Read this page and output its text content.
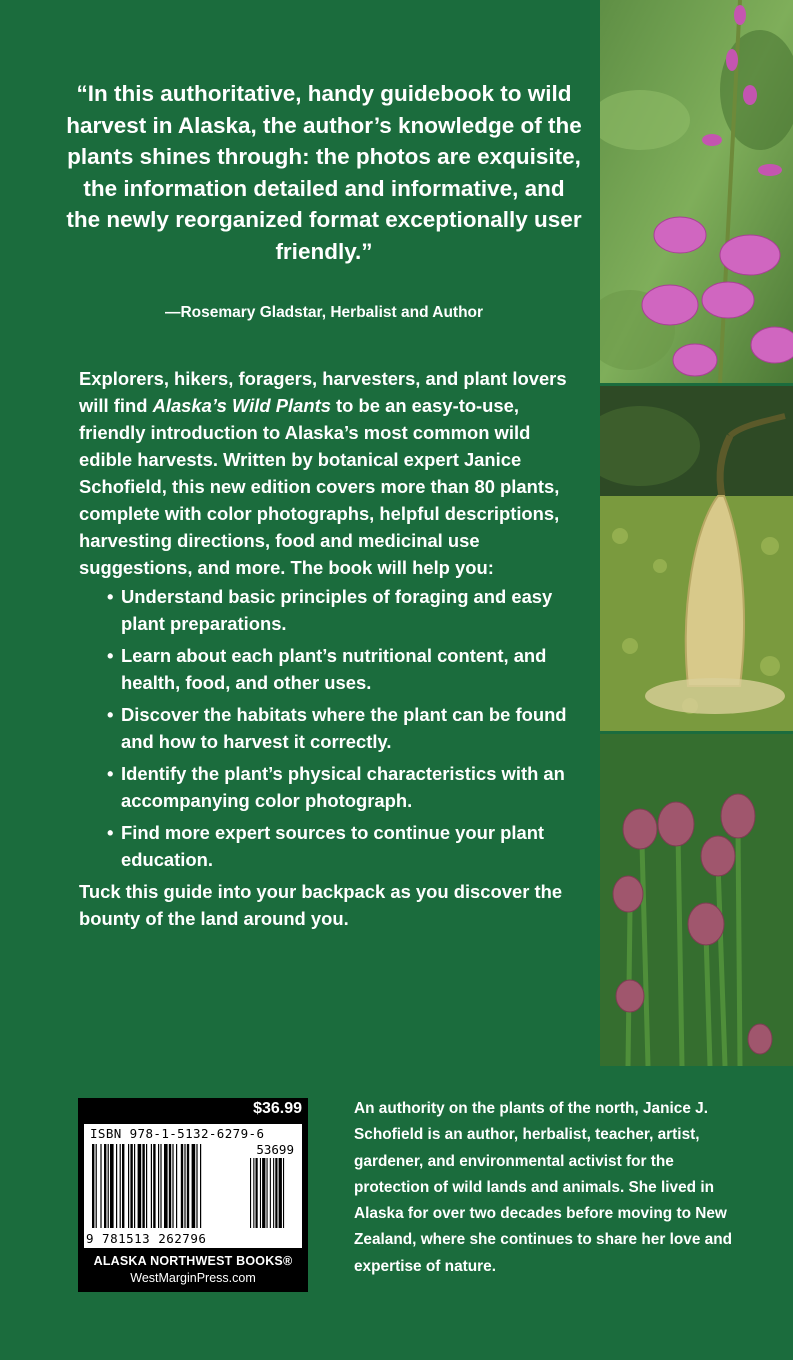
“In this authoritative, handy guidebook to wild harvest in Alaska, the author’s knowledge of the plants shines through: the photos are exquisite, the information detailed and informative, and the newly reorganized format exceptionally user friendly.”
—Rosemary Gladstar, Herbalist and Author

Explorers, hikers, foragers, harvesters, and plant lovers will find Alaska’s Wild Plants to be an easy-to-use, friendly introduction to Alaska’s most common wild edible harvests. Written by botanical expert Janice Schofield, this new edition covers more than 80 plants, complete with color photographs, helpful descriptions, harvesting directions, food and medicinal use suggestions, and more. The book will help you:

• Understand basic principles of foraging and easy plant preparations.
• Learn about each plant’s nutritional content, and health, food, and other uses.
• Discover the habitats where the plant can be found and how to harvest it correctly.
• Identify the plant’s physical characteristics with an accompanying color photograph.
• Find more expert sources to continue your plant education.

Tuck this guide into your backpack as you discover the bounty of the land around you.

$36.99
ISBN 978-1-5132-6279-6
53699
9 781513 262796
ALASKA NORTHWEST BOOKS®
WestMarginPress.com
An authority on the plants of the north, Janice J. Schofield is an author, herbalist, teacher, artist, gardener, and environmental activist for the protection of wild lands and animals. She lived in Alaska for over two decades before moving to New Zealand, where she continues to share her love and expertise of nature.
